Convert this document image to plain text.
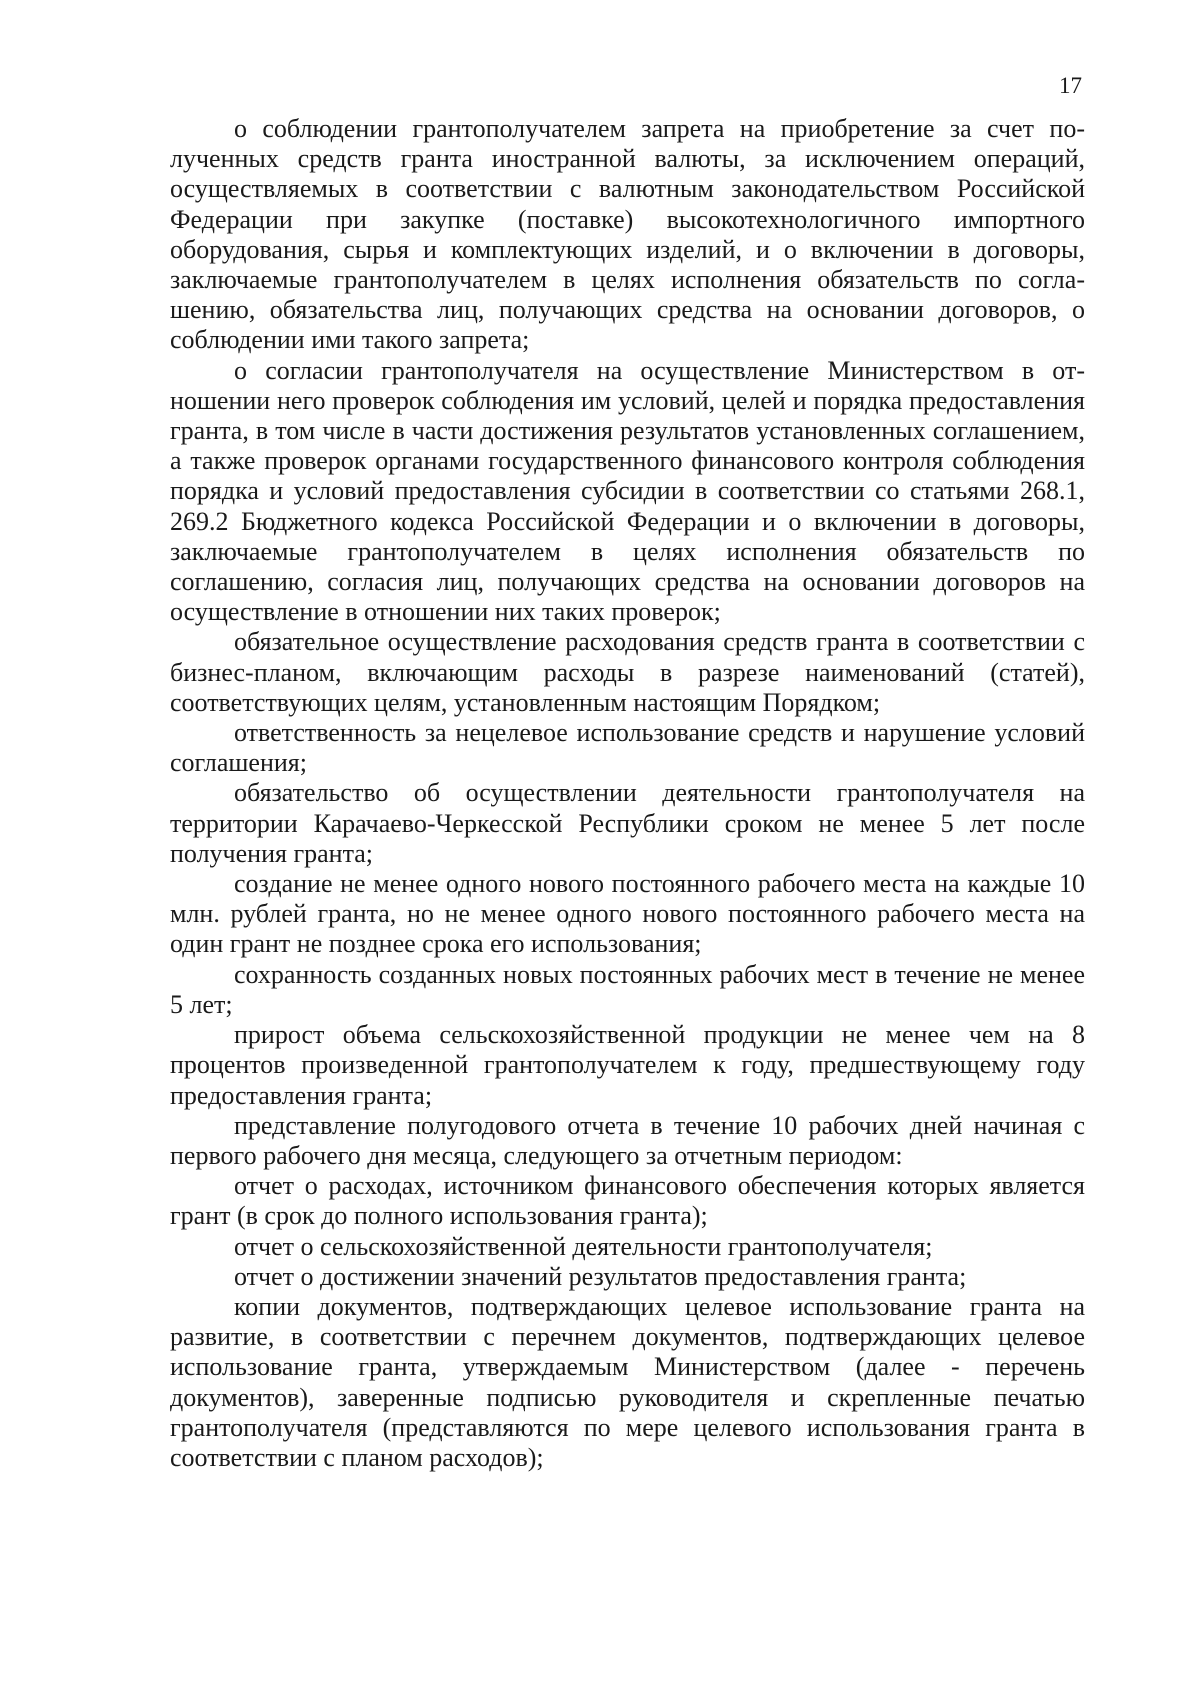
17

о соблюдении грантополучателем запрета на приобретение за счет полученных средств гранта иностранной валюты, за исключением операций, осуществляемых в соответствии с валютным законодательством Российской Федерации при закупке (поставке) высокотехнологичного импортного оборудования, сырья и комплектующих изделий, и о включении в договоры, заключаемые грантополучателем в целях исполнения обязательств по соглашению, обязательства лиц, получающих средства на основании договоров, о соблюдении ими такого запрета;

о согласии грантополучателя на осуществление Министерством в отношении него проверок соблюдения им условий, целей и порядка предоставления гранта, в том числе в части достижения результатов установленных соглашением, а также проверок органами государственного финансового контроля соблюдения порядка и условий предоставления субсидии в соответствии со статьями 268.1, 269.2 Бюджетного кодекса Российской Федерации и о включении в договоры, заключаемые грантополучателем в целях исполнения обязательств по соглашению, согласия лиц, получающих средства на основании договоров на осуществление в отношении них таких проверок;

обязательное осуществление расходования средств гранта в соответствии с бизнес-планом, включающим расходы в разрезе наименований (статей), соответствующих целям, установленным настоящим Порядком;

ответственность за нецелевое использование средств и нарушение условий соглашения;

обязательство об осуществлении деятельности грантополучателя на территории Карачаево-Черкесской Республики сроком не менее 5 лет после получения гранта;

создание не менее одного нового постоянного рабочего места на каждые 10 млн. рублей гранта, но не менее одного нового постоянного рабочего места на один грант не позднее срока его использования;

сохранность созданных новых постоянных рабочих мест в течение не менее 5 лет;

прирост объема сельскохозяйственной продукции не менее чем на 8 процентов произведенной грантополучателем к году, предшествующему году предоставления гранта;

представление полугодового отчета в течение 10 рабочих дней начиная с первого рабочего дня месяца, следующего за отчетным периодом:

отчет о расходах, источником финансового обеспечения которых является грант (в срок до полного использования гранта);

отчет о сельскохозяйственной деятельности грантополучателя;

отчет о достижении значений результатов предоставления гранта;

копии документов, подтверждающих целевое использование гранта на развитие, в соответствии с перечнем документов, подтверждающих целевое использование гранта, утверждаемым Министерством (далее - перечень документов), заверенные подписью руководителя и скрепленные печатью грантополучателя (представляются по мере целевого использования гранта в соответствии с планом расходов);
